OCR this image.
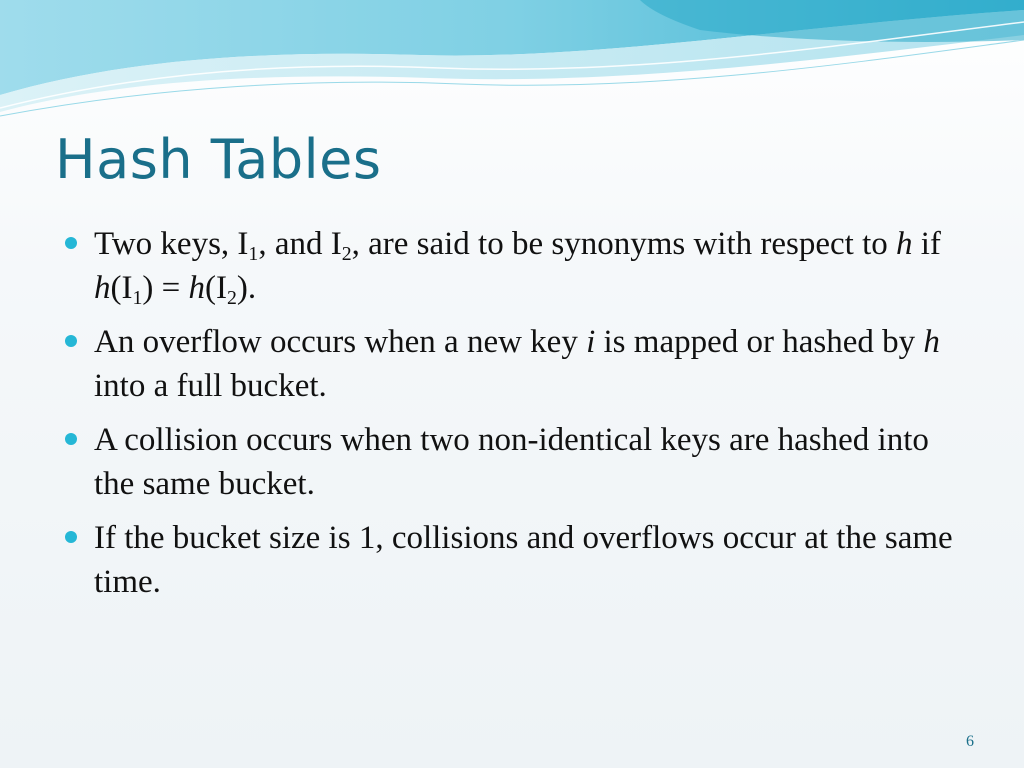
Hash Tables
Two keys, $I_1$, and $I_2$, are said to be synonyms with respect to h if $h(I_1) = h(I_2)$.
An overflow occurs when a new key i is mapped or hashed by h into a full bucket.
A collision occurs when two non-identical keys are hashed into the same bucket.
If the bucket size is 1, collisions and overflows occur at the same time.
6
